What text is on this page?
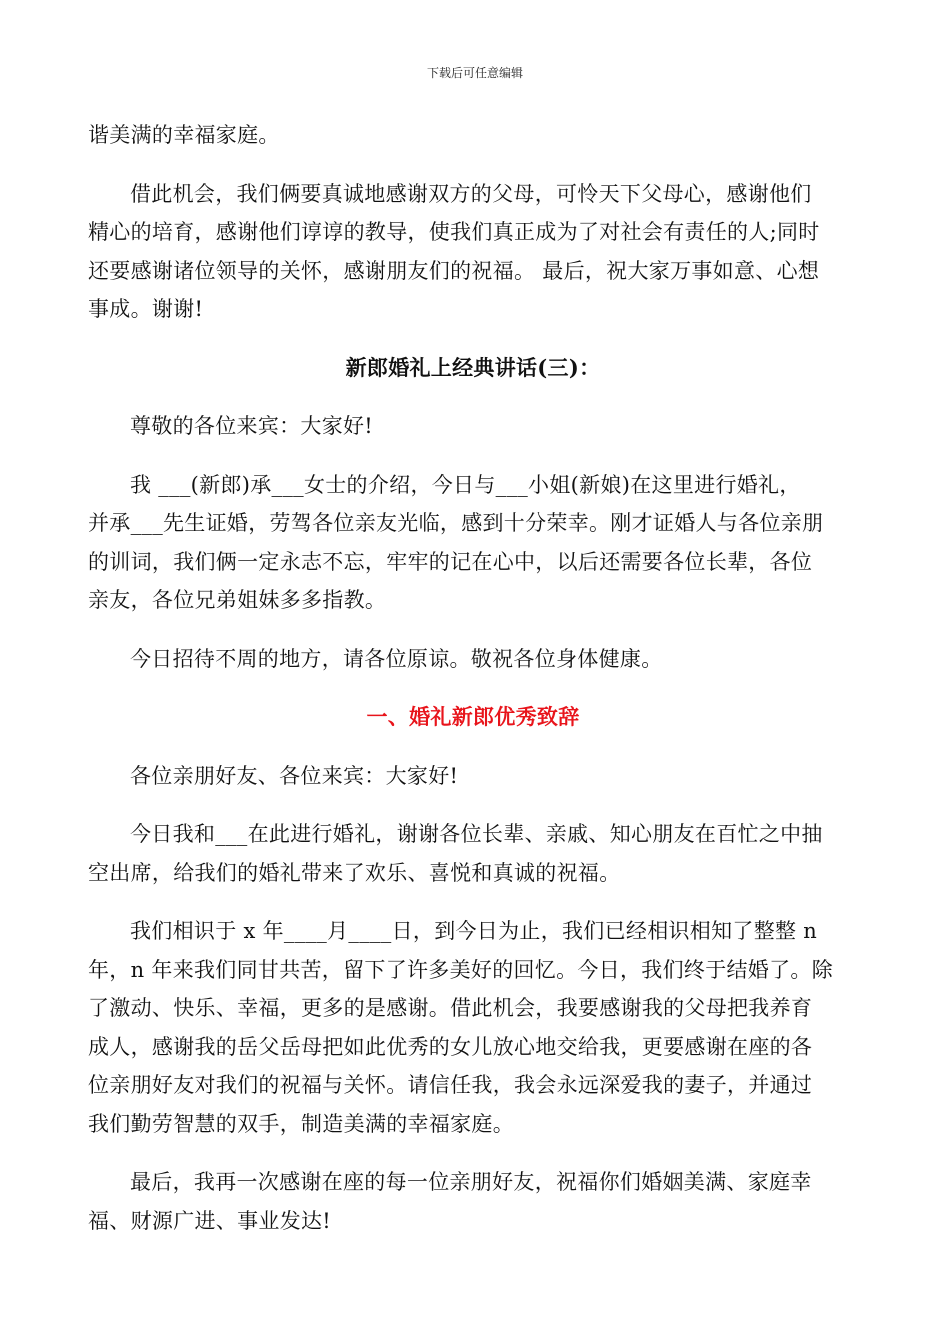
下载后可任意编辑
谐美满的幸福家庭。
借此机会，我们俩要真诚地感谢双方的父母，可怜天下父母心，感谢他们
精心的培育，感谢他们谆谆的教导，使我们真正成为了对社会有责任的人;同时
还要感谢诸位领导的关怀，感谢朋友们的祝福。 最后，祝大家万事如意、心想
事成。谢谢!
新郎婚礼上经典讲话(三)：
尊敬的各位来宾：大家好!
我 ___(新郎)承___女士的介绍，今日与___小姐(新娘)在这里进行婚礼，
并承___先生证婚，劳驾各位亲友光临，感到十分荣幸。刚才证婚人与各位亲朋
的训词，我们俩一定永志不忘，牢牢的记在心中，以后还需要各位长辈，各位
亲友，各位兄弟姐妹多多指教。
今日招待不周的地方，请各位原谅。敬祝各位身体健康。
一、婚礼新郎优秀致辞
各位亲朋好友、各位来宾：大家好!
今日我和___在此进行婚礼，谢谢各位长辈、亲戚、知心朋友在百忙之中抽
空出席，给我们的婚礼带来了欢乐、喜悦和真诚的祝福。
我们相识于 x 年____月____日，到今日为止，我们已经相识相知了整整 n
年，n 年来我们同甘共苦，留下了许多美好的回忆。今日，我们终于结婚了。除
了激动、快乐、幸福，更多的是感谢。借此机会，我要感谢我的父母把我养育
成人，感谢我的岳父岳母把如此优秀的女儿放心地交给我，更要感谢在座的各
位亲朋好友对我们的祝福与关怀。请信任我，我会永远深爱我的妻子，并通过
我们勤劳智慧的双手，制造美满的幸福家庭。
最后，我再一次感谢在座的每一位亲朋好友，祝福你们婚姻美满、家庭幸
福、财源广进、事业发达!
